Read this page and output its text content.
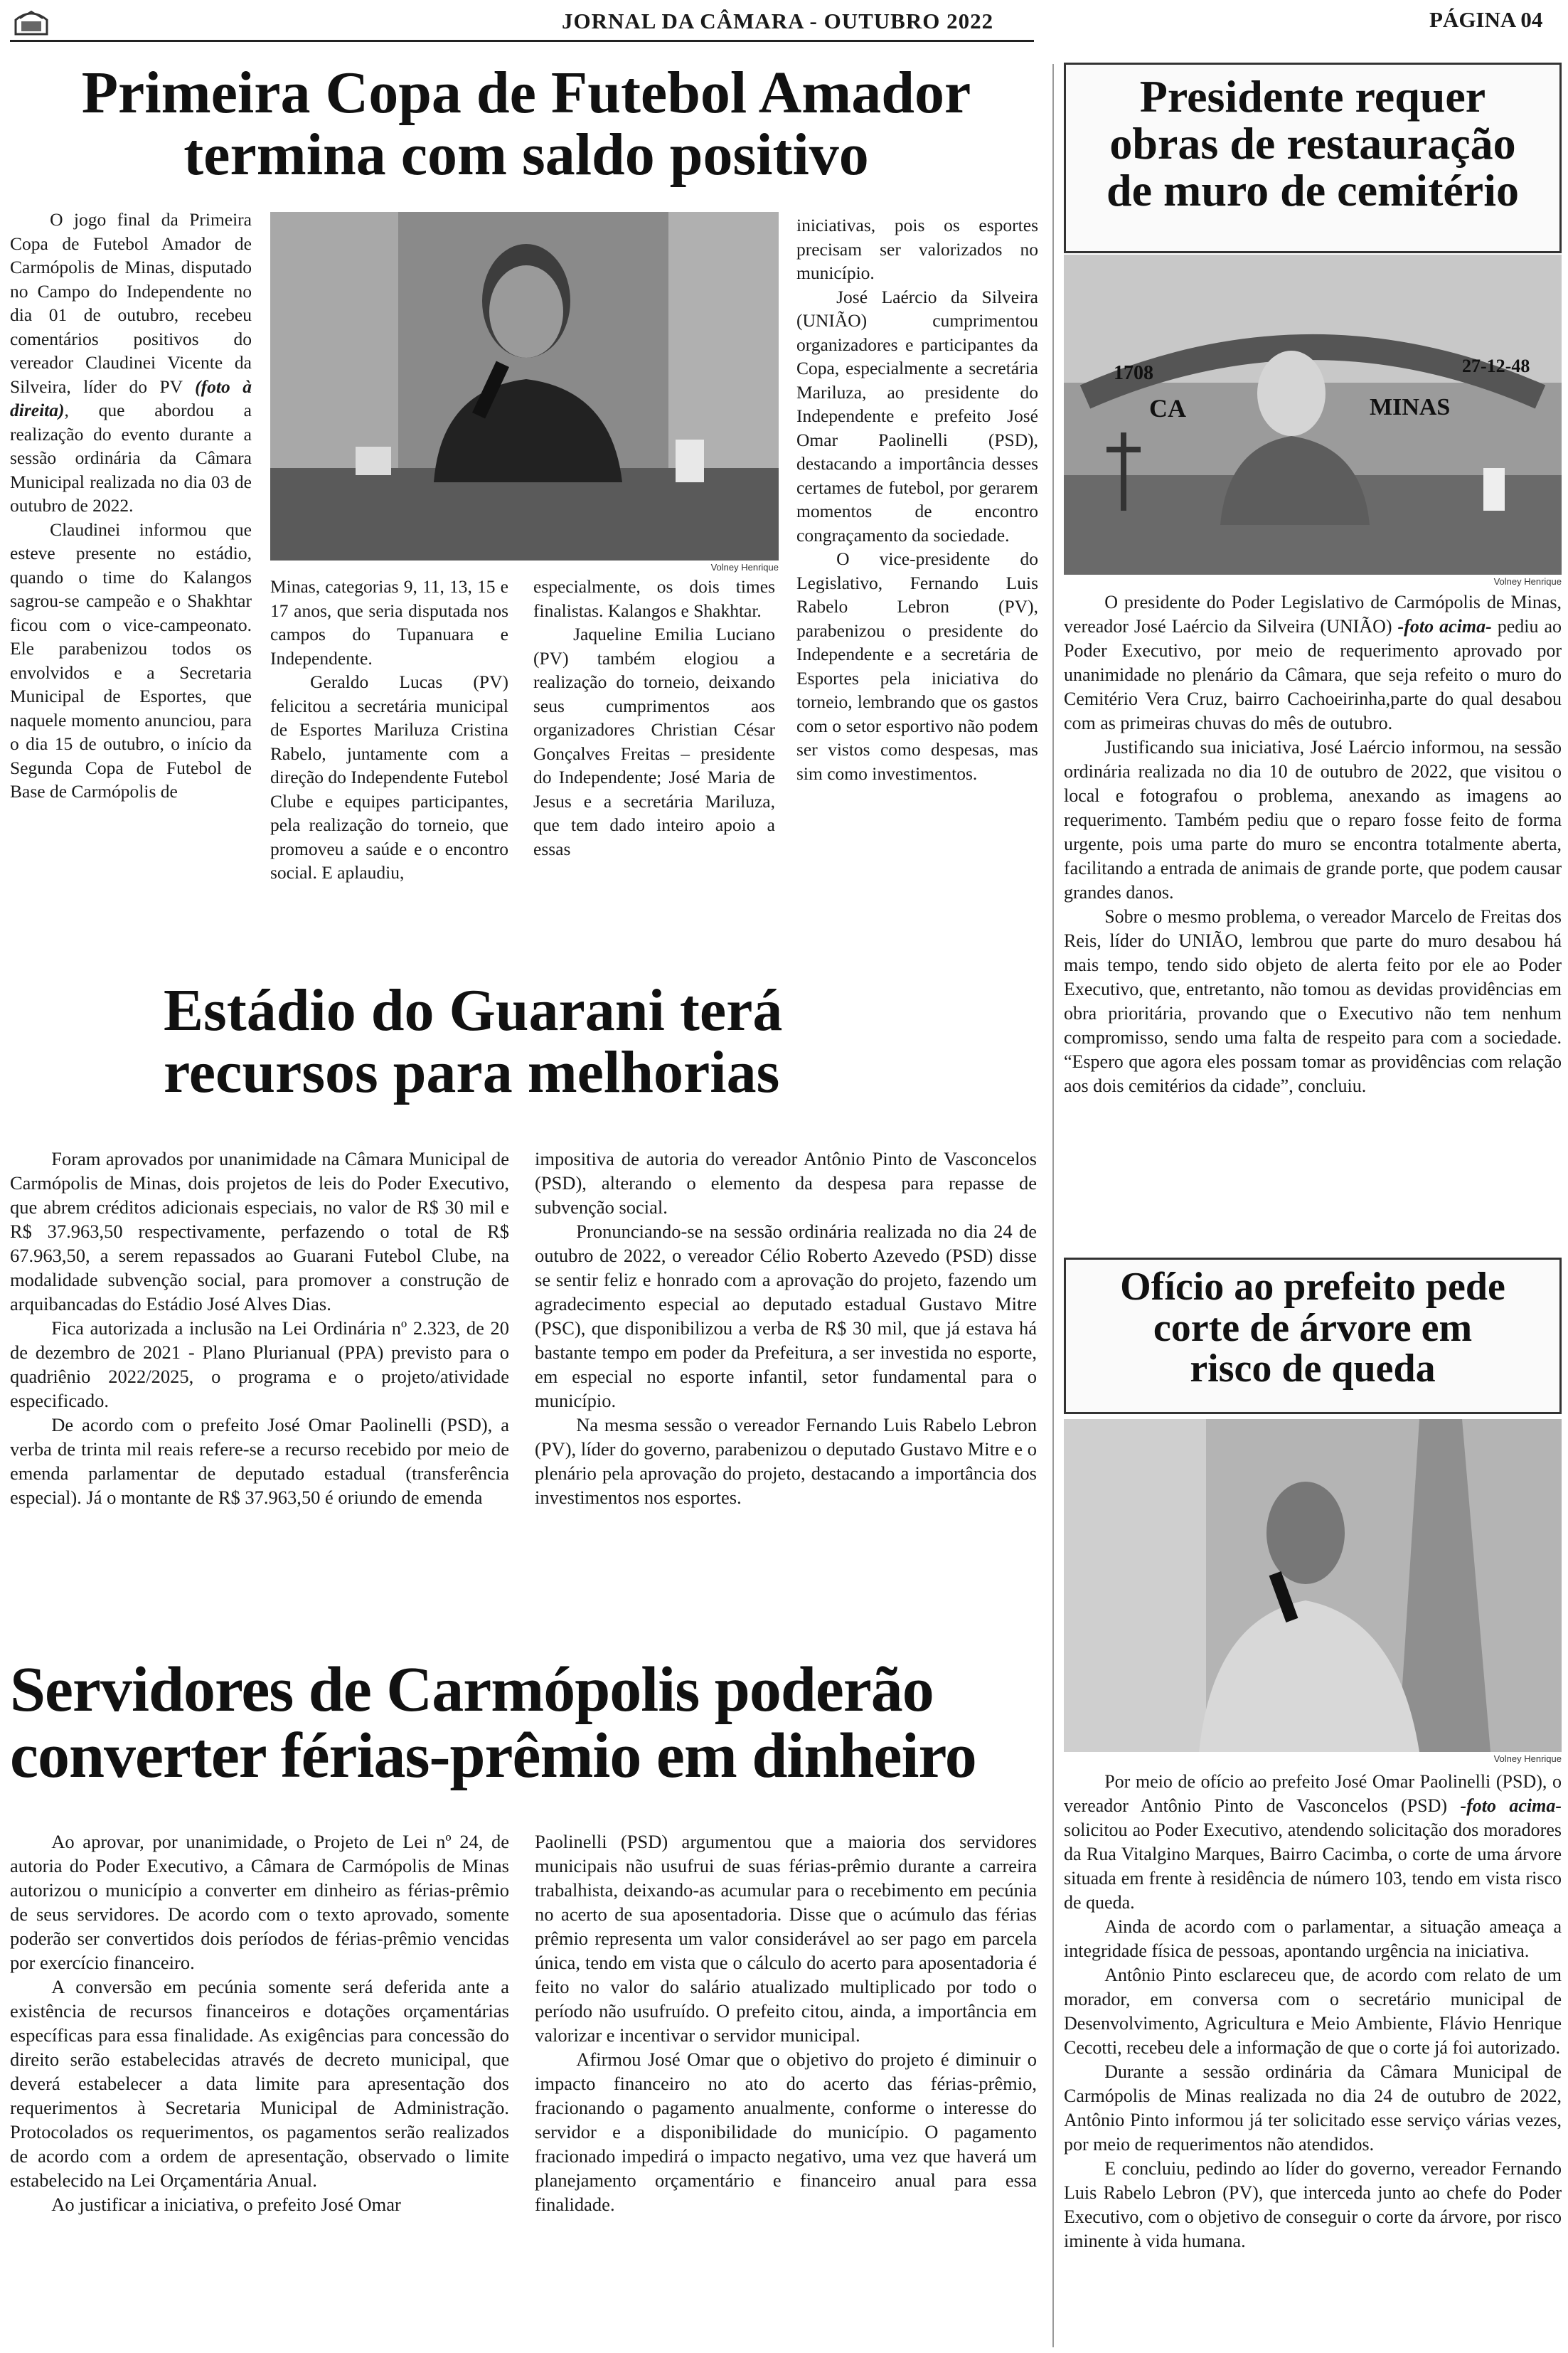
JORNAL DA CÂMARA - OUTUBRO 2022	PÁGINA 04
Primeira Copa de Futebol Amador
termina com saldo positivo

O jogo final da Primeira Copa de Futebol Amador de Carmópolis de Minas, disputado no Campo do Independente no dia 01 de outubro, recebeu comentários positivos do vereador Claudinei Vicente da Silveira, líder do PV (foto à direita), que abordou a realização do evento durante a sessão ordinária da Câmara Municipal realizada no dia 03 de outubro de 2022.

Claudinei informou que esteve presente no estádio, quando o time do Kalangos sagrou-se campeão e o Shakhtar ficou com o vice-campeonato. Ele parabenizou todos os envolvidos e a Secretaria Municipal de Esportes, que naquele momento anunciou, para o dia 15 de outubro, o início da Segunda Copa de Futebol de Base de Carmópolis de

Volney Henrique

Minas, categorias 9, 11, 13, 15 e 17 anos, que seria disputada nos campos do Tupanuara e Independente.

Geraldo Lucas (PV) felicitou a secretária municipal de Esportes Mariluza Cristina Rabelo, juntamente com a direção do Independente Futebol Clube e equipes participantes, pela realização do torneio, que promoveu a saúde e o encontro social. E aplaudiu,

especialmente, os dois times finalistas. Kalangos e Shakhtar.

Jaqueline Emilia Luciano (PV) também elogiou a realização do torneio, deixando seus cumprimentos aos organizadores Christian César Gonçalves Freitas – presidente do Independente; José Maria de Jesus e a secretária Mariluza, que tem dado inteiro apoio a essas

iniciativas, pois os esportes precisam ser valorizados no município.

José Laércio da Silveira (UNIÃO) cumprimentou organizadores e participantes da Copa, especialmente a secretária Mariluza, ao presidente do Independente e prefeito José Omar Paolinelli (PSD), destacando a importância desses certames de futebol, por gerarem momentos de encontro congraçamento da sociedade.

O vice-presidente do Legislativo, Fernando Luis Rabelo Lebron (PV), parabenizou o presidente do Independente e a secretária de Esportes pela iniciativa do torneio, lembrando que os gastos com o setor esportivo não podem ser vistos como despesas, mas sim como investimentos.

Estádio do Guarani terá
recursos para melhorias

Foram aprovados por unanimidade na Câmara Municipal de Carmópolis de Minas, dois projetos de leis do Poder Executivo, que abrem créditos adicionais especiais, no valor de R$ 30 mil e R$ 37.963,50 respectivamente, perfazendo o total de R$ 67.963,50, a serem repassados ao Guarani Futebol Clube, na modalidade subvenção social, para promover a construção de arquibancadas do Estádio José Alves Dias.

Fica autorizada a inclusão na Lei Ordinária nº 2.323, de 20 de dezembro de 2021 - Plano Plurianual (PPA) previsto para o quadriênio 2022/2025, o programa e o projeto/atividade especificado.

De acordo com o prefeito José Omar Paolinelli (PSD), a verba de trinta mil reais refere-se a recurso recebido por meio de emenda parlamentar de deputado estadual (transferência especial). Já o montante de R$ 37.963,50 é oriundo de emenda

impositiva de autoria do vereador Antônio Pinto de Vasconcelos (PSD), alterando o elemento da despesa para repasse de subvenção social.

Pronunciando-se na sessão ordinária realizada no dia 24 de outubro de 2022, o vereador Célio Roberto Azevedo (PSD) disse se sentir feliz e honrado com a aprovação do projeto, fazendo um agradecimento especial ao deputado estadual Gustavo Mitre (PSC), que disponibilizou a verba de R$ 30 mil, que já estava há bastante tempo em poder da Prefeitura, a ser investida no esporte, em especial no esporte infantil, setor fundamental para o município.

Na mesma sessão o vereador Fernando Luis Rabelo Lebron (PV), líder do governo, parabenizou o deputado Gustavo Mitre e o plenário pela aprovação do projeto, destacando a importância dos investimentos nos esportes.

Servidores de Carmópolis poderão
converter férias-prêmio em dinheiro

Ao aprovar, por unanimidade, o Projeto de Lei nº 24, de autoria do Poder Executivo, a Câmara de Carmópolis de Minas autorizou o município a converter em dinheiro as férias-prêmio de seus servidores. De acordo com o texto aprovado, somente poderão ser convertidos dois períodos de férias-prêmio vencidas por exercício financeiro.

A conversão em pecúnia somente será deferida ante a existência de recursos financeiros e dotações orçamentárias específicas para essa finalidade. As exigências para concessão do direito serão estabelecidas através de decreto municipal, que deverá estabelecer a data limite para apresentação dos requerimentos à Secretaria Municipal de Administração. Protocolados os requerimentos, os pagamentos serão realizados de acordo com a ordem de apresentação, observado o limite estabelecido na Lei Orçamentária Anual.

Ao justificar a iniciativa, o prefeito José Omar

Paolinelli (PSD) argumentou que a maioria dos servidores municipais não usufrui de suas férias-prêmio durante a carreira trabalhista, deixando-as acumular para o recebimento em pecúnia no acerto de sua aposentadoria. Disse que o acúmulo das férias prêmio representa um valor considerável ao ser pago em parcela única, tendo em vista que o cálculo do acerto para aposentadoria é feito no valor do salário atualizado multiplicado por todo o período não usufruído. O prefeito citou, ainda, a importância em valorizar e incentivar o servidor municipal.

Afirmou José Omar que o objetivo do projeto é diminuir o impacto financeiro no ato do acerto das férias-prêmio, fracionando o pagamento anualmente, conforme o interesse do servidor e a disponibilidade do município. O pagamento fracionado impedirá o impacto negativo, uma vez que haverá um planejamento orçamentário e financeiro anual para essa finalidade.

Presidente requer
obras de restauração
de muro de cemitério
1708	27-12-48
CA	MINAS
Volney Henrique

O presidente do Poder Legislativo de Carmópolis de Minas, vereador José Laércio da Silveira (UNIÃO) -foto acima- pediu ao Poder Executivo, por meio de requerimento aprovado por unanimidade no plenário da Câmara, que seja refeito o muro do Cemitério Vera Cruz, bairro Cachoeirinha,parte do qual desabou com as primeiras chuvas do mês de outubro.

Justificando sua iniciativa, José Laércio informou, na sessão ordinária realizada no dia 10 de outubro de 2022, que visitou o local e fotografou o problema, anexando as imagens ao requerimento. Também pediu que o reparo fosse feito de forma urgente, pois uma parte do muro se encontra totalmente aberta, facilitando a entrada de animais de grande porte, que podem causar grandes danos.

Sobre o mesmo problema, o vereador Marcelo de Freitas dos Reis, líder do UNIÃO, lembrou que parte do muro desabou há mais tempo, tendo sido objeto de alerta feito por ele ao Poder Executivo, que, entretanto, não tomou as devidas providências em obra prioritária, provando que o Executivo não tem nenhum compromisso, sendo uma falta de respeito para com a sociedade. “Espero que agora eles possam tomar as providências com relação aos dois cemitérios da cidade”, concluiu.

Ofício ao prefeito pede
corte de árvore em
risco de queda
Volney Henrique

Por meio de ofício ao prefeito José Omar Paolinelli (PSD), o vereador Antônio Pinto de Vasconcelos (PSD) -foto acima- solicitou ao Poder Executivo, atendendo solicitação dos moradores da Rua Vitalgino Marques, Bairro Cacimba, o corte de uma árvore situada em frente à residência de número 103, tendo em vista risco de queda.

Ainda de acordo com o parlamentar, a situação ameaça a integridade física de pessoas, apontando urgência na iniciativa.

Antônio Pinto esclareceu que, de acordo com relato de um morador, em conversa com o secretário municipal de Desenvolvimento, Agricultura e Meio Ambiente, Flávio Henrique Cecotti, recebeu dele a informação de que o corte já foi autorizado.

Durante a sessão ordinária da Câmara Municipal de Carmópolis de Minas realizada no dia 24 de outubro de 2022, Antônio Pinto informou já ter solicitado esse serviço várias vezes, por meio de requerimentos não atendidos.

E concluiu, pedindo ao líder do governo, vereador Fernando Luis Rabelo Lebron (PV), que interceda junto ao chefe do Poder Executivo, com o objetivo de conseguir o corte da árvore, por risco iminente à vida humana.
